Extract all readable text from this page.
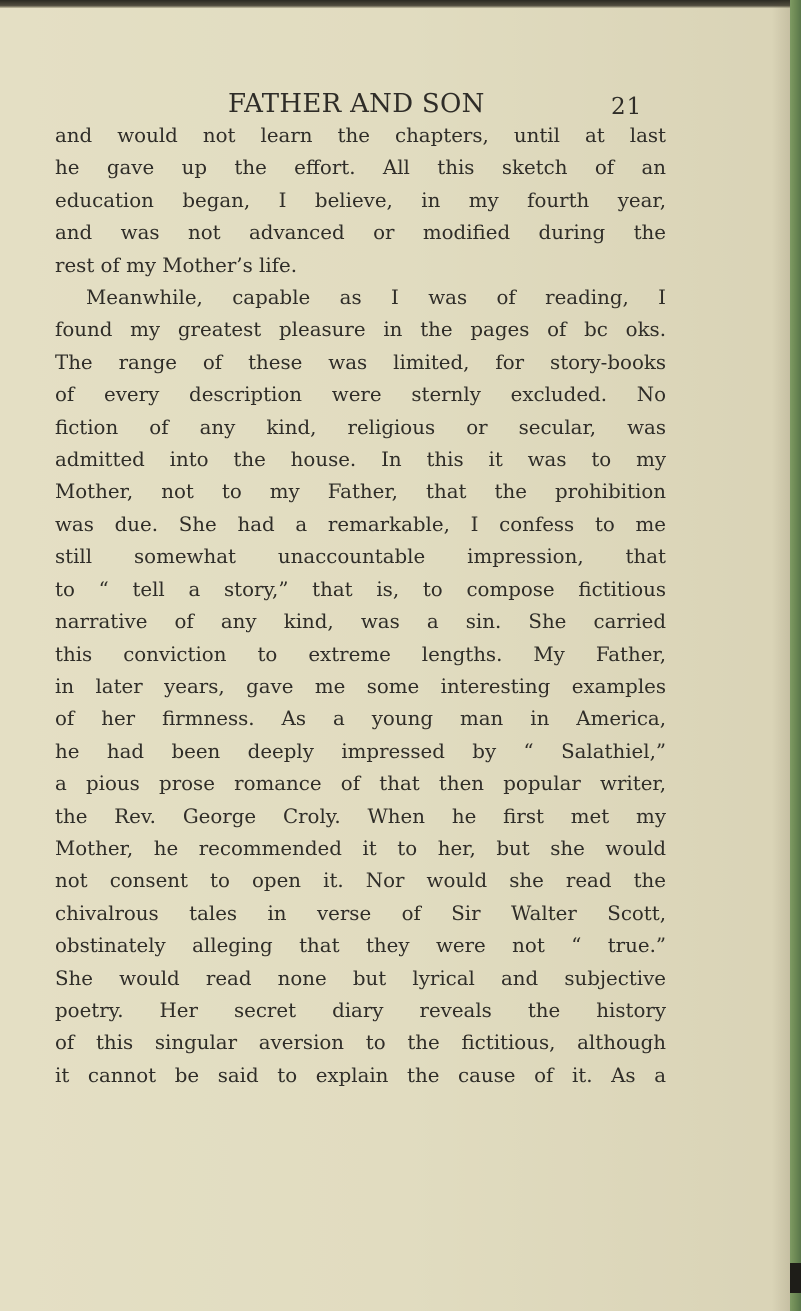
FATHER AND SON	21
and would not learn the chapters, until at last
he gave up the effort. All this sketch of an
education began, I believe, in my fourth year,
and was not advanced or modified during the
rest of my Mother’s life.
Meanwhile, capable as I was of reading, I
found my greatest pleasure in the pages of bc oks.
The range of these was limited, for story-books
of every description were sternly excluded. No
fiction of any kind, religious or secular, was
admitted into the house. In this it was to my
Mother, not to my Father, that the prohibition
was due. She had a remarkable, I confess to me
still somewhat unaccountable impression, that
to “ tell a story,” that is, to compose fictitious
narrative of any kind, was a sin. She carried
this conviction to extreme lengths. My Father,
in later years, gave me some interesting examples
of her firmness. As a young man in America,
he had been deeply impressed by “ Salathiel,”
a pious prose romance of that then popular writer,
the Rev. George Croly. When he first met my
Mother, he recommended it to her, but she would
not consent to open it. Nor would she read the
chivalrous tales in verse of Sir Walter Scott,
obstinately alleging that they were not “ true.”
She would read none but lyrical and subjective
poetry. Her secret diary reveals the history
of this singular aversion to the fictitious, although
it cannot be said to explain the cause of it. As a
